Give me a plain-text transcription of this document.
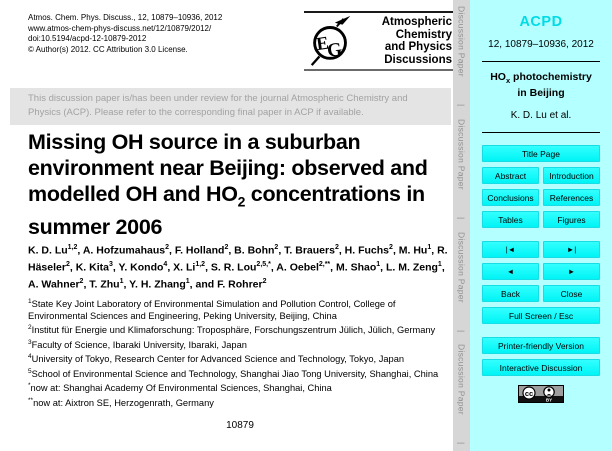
Atmos. Chem. Phys. Discuss., 12, 10879–10936, 2012
www.atmos-chem-phys-discuss.net/12/10879/2012/
doi:10.5194/acpd-12-10879-2012
© Author(s) 2012. CC Attribution 3.0 License.	E
G
Atmospheric
Chemistry
and Physics
Discussions
This discussion paper is/has been under review for the journal Atmospheric Chemistry and Physics (ACP). Please refer to the corresponding final paper in ACP if available.
Missing OH source in a suburban environment near Beijing: observed and modelled OH and $HO_2$ concentrations in summer 2006
K. D. Lu$^{1,2}$, A. Hofzumahaus$^2$, F. Holland$^2$, B. Bohn$^2$, T. Brauers$^2$, H. Fuchs$^2$, M. Hu$^1$, R. Häseler$^2$, K. Kita$^3$, Y. Kondo$^4$, X. Li$^{1,2}$, S. R. Lou$^{2,5,*}$, A. Oebel$^{2,**}$, M. Shao$^1$, L. M. Zeng$^1$, A. Wahner$^2$, T. Zhu$^1$, Y. H. Zhang$^1$, and F. Rohrer$^2$
$^1$State Key Joint Laboratory of Environmental Simulation and Pollution Control, College of Environmental Sciences and Engineering, Peking University, Beijing, China
$^2$Institut für Energie und Klimaforschung: Troposphäre, Forschungszentrum Jülich, Jülich, Germany
$^3$Faculty of Science, Ibaraki University, Ibaraki, Japan
$^4$University of Tokyo, Research Center for Advanced Science and Technology, Tokyo, Japan
$^5$School of Environmental Science and Technology, Shanghai Jiao Tong University, Shanghai, China
*now at: Shanghai Academy Of Environmental Sciences, Shanghai, China
**now at: Aixtron SE, Herzogenrath, Germany
10879
Discussion Paper
|
Discussion Paper
|
Discussion Paper
|
Discussion Paper
|
ACPD
12, 10879–10936, 2012
$HO_x$ photochemistry in Beijing
K. D. Lu et al.
Title Page
Abstract	Introduction
Conclusions	References
Tables	Figures
| ◄	► |
◄	►
Back	Close
Full Screen / Esc
Printer-friendly Version
Interactive Discussion
cc
BY
